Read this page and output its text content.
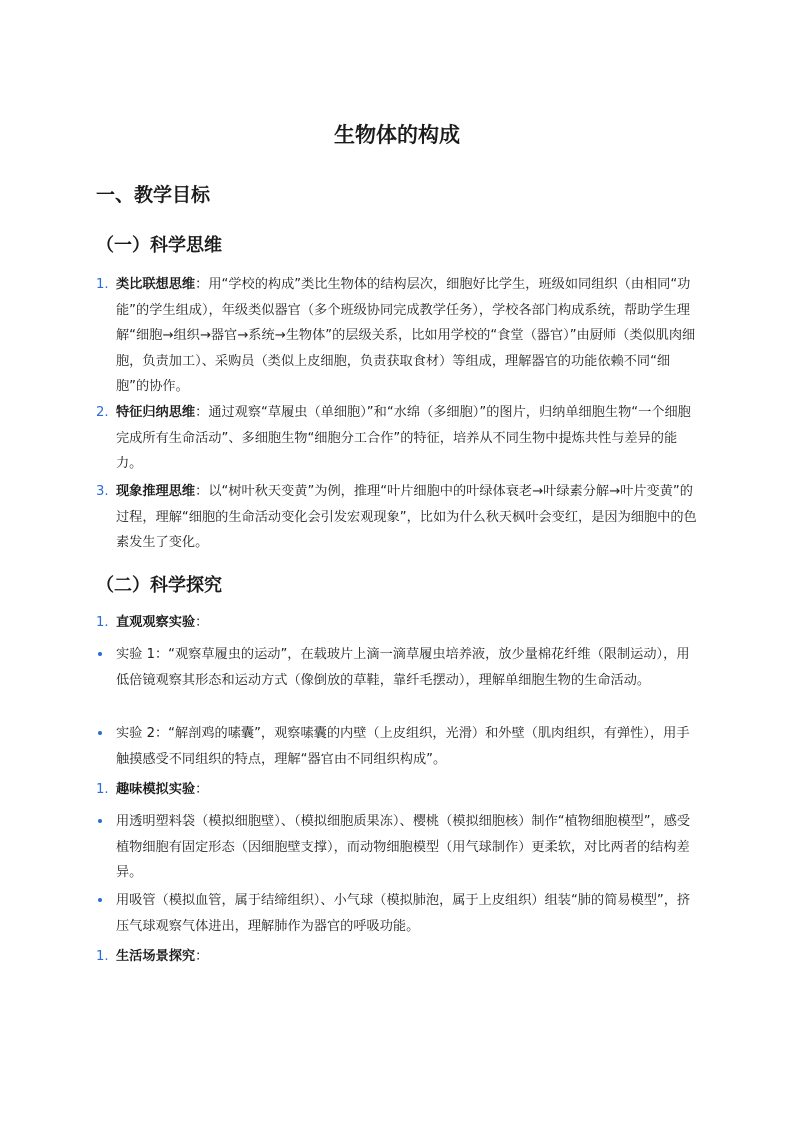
生物体的构成
一、教学目标
（一）科学思维
1. 类比联想思维：用“学校的构成”类比生物体的结构层次，细胞好比学生，班级如同组织（由相同“功能”的学生组成），年级类似器官（多个班级协同完成教学任务），学校各部门构成系统，帮助学生理解“细胞→组织→器官→系统→生物体”的层级关系，比如用学校的“食堂（器官）”由厨师（类似肌肉细胞，负责加工）、采购员（类似上皮细胞，负责获取食材）等组成，理解器官的功能依赖不同“细胞”的协作。
2. 特征归纳思维：通过观察“草履虫（单细胞）”和“水绵（多细胞）”的图片，归纳单细胞生物“一个细胞完成所有生命活动”、多细胞生物“细胞分工合作”的特征，培养从不同生物中提炼共性与差异的能力。
3. 现象推理思维：以“树叶秋天变黄”为例，推理“叶片细胞中的叶绿体衰老→叶绿素分解→叶片变黄”的过程，理解“细胞的生命活动变化会引发宏观现象”，比如为什么秋天枫叶会变红，是因为细胞中的色素发生了变化。
（二）科学探究
1. 直观观察实验：
实验 1：“观察草履虫的运动”，在载玻片上滴一滴草履虫培养液，放少量棉花纤维（限制运动），用低倍镜观察其形态和运动方式（像倒放的草鞋，靠纤毛摆动），理解单细胞生物的生命活动。
实验 2：“解剖鸡的嗉囊”，观察嗉囊的内壁（上皮组织，光滑）和外壁（肌肉组织，有弹性），用手触摸感受不同组织的特点，理解“器官由不同组织构成”。
1. 趣味模拟实验：
用透明塑料袋（模拟细胞壁）、（模拟细胞质果冻）、樱桃（模拟细胞核）制作“植物细胞模型”，感受植物细胞有固定形态（因细胞壁支撑），而动物细胞模型（用气球制作）更柔软，对比两者的结构差异。
用吸管（模拟血管，属于结缔组织）、小气球（模拟肺泡，属于上皮组织）组装“肺的简易模型”，挤压气球观察气体进出，理解肺作为器官的呼吸功能。
1. 生活场景探究：
